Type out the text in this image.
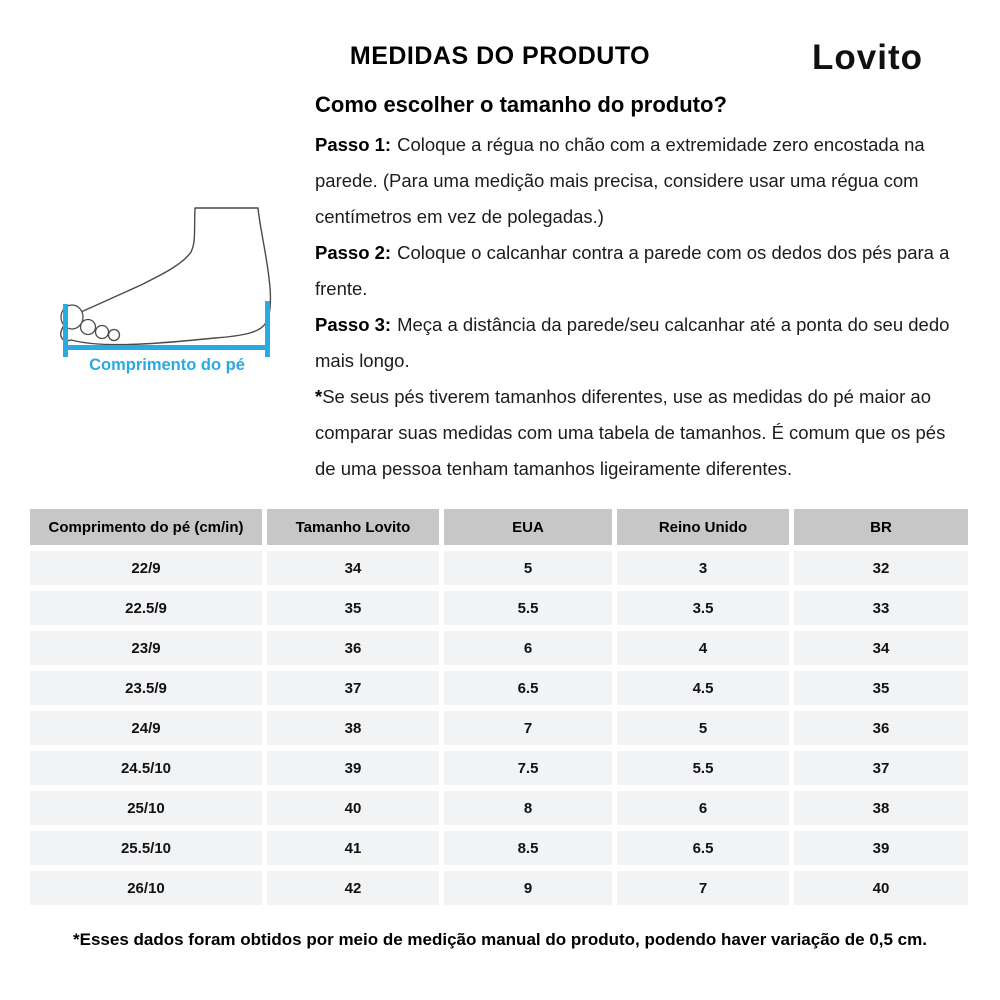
MEDIDAS DO PRODUTO	Lovito
Comprimento do pé
Como escolher o tamanho do produto?

Passo 1: Coloque a régua no chão com a extremidade zero encostada na parede. (Para uma medição mais precisa, considere usar uma régua com centímetros em vez de polegadas.)

Passo 2: Coloque o calcanhar contra a parede com os dedos dos pés para a frente.

Passo 3: Meça a distância da parede/seu calcanhar até a ponta do seu dedo mais longo.

*Se seus pés tiverem tamanhos diferentes, use as medidas do pé maior ao comparar suas medidas com uma tabela de tamanhos. É comum que os pés de uma pessoa tenham tamanhos ligeiramente diferentes.

Comprimento do pé (cm/in)	Tamanho Lovito	EUA	Reino Unido	BR
22/9	34	5	3	32
22.5/9	35	5.5	3.5	33
23/9	36	6	4	34
23.5/9	37	6.5	4.5	35
24/9	38	7	5	36
24.5/10	39	7.5	5.5	37
25/10	40	8	6	38
25.5/10	41	8.5	6.5	39
26/10	42	9	7	40
*Esses dados foram obtidos por meio de medição manual do produto, podendo haver variação de 0,5 cm.
